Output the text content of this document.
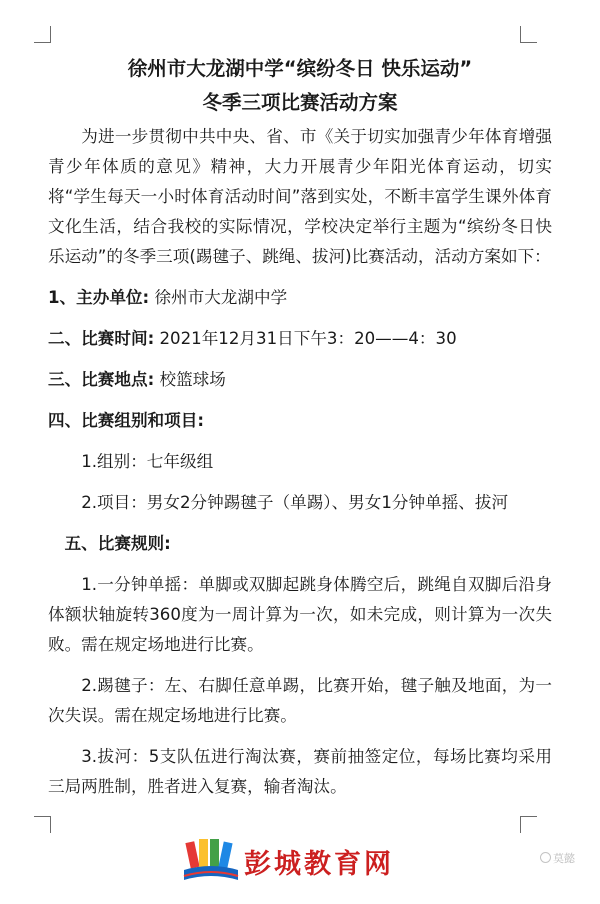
徐州市大龙湖中学“缤纷冬日 快乐运动”

冬季三项比赛活动方案

为进一步贯彻中共中央、省、市《关于切实加强青少年体育增强青少年体质的意见》精神，大力开展青少年阳光体育运动，切实将“学生每天一小时体育活动时间”落到实处，不断丰富学生课外体育文化生活，结合我校的实际情况，学校决定举行主题为“缤纷冬日快乐运动”的冬季三项(踢毽子、跳绳、拔河)比赛活动，活动方案如下：

1、主办单位: 徐州市大龙湖中学

二、比赛时间: 2021年12月31日下午3：20——4：30

三、比赛地点: 校篮球场

四、比赛组别和项目:

1.组别：七年级组

2.项目：男女2分钟踢毽子（单踢）、男女1分钟单摇、拔河

五、比赛规则:

1.一分钟单摇：单脚或双脚起跳身体腾空后，跳绳自双脚后沿身体额状轴旋转360度为一周计算为一次，如未完成，则计算为一次失败。需在规定场地进行比赛。

2.踢毽子：左、右脚任意单踢，比赛开始，毽子触及地面，为一次失误。需在规定场地进行比赛。

3.拔河：5支队伍进行淘汰赛，赛前抽签定位，每场比赛均采用三局两胜制，胜者进入复赛，输者淘汰。

彭城教育网	莫懿
